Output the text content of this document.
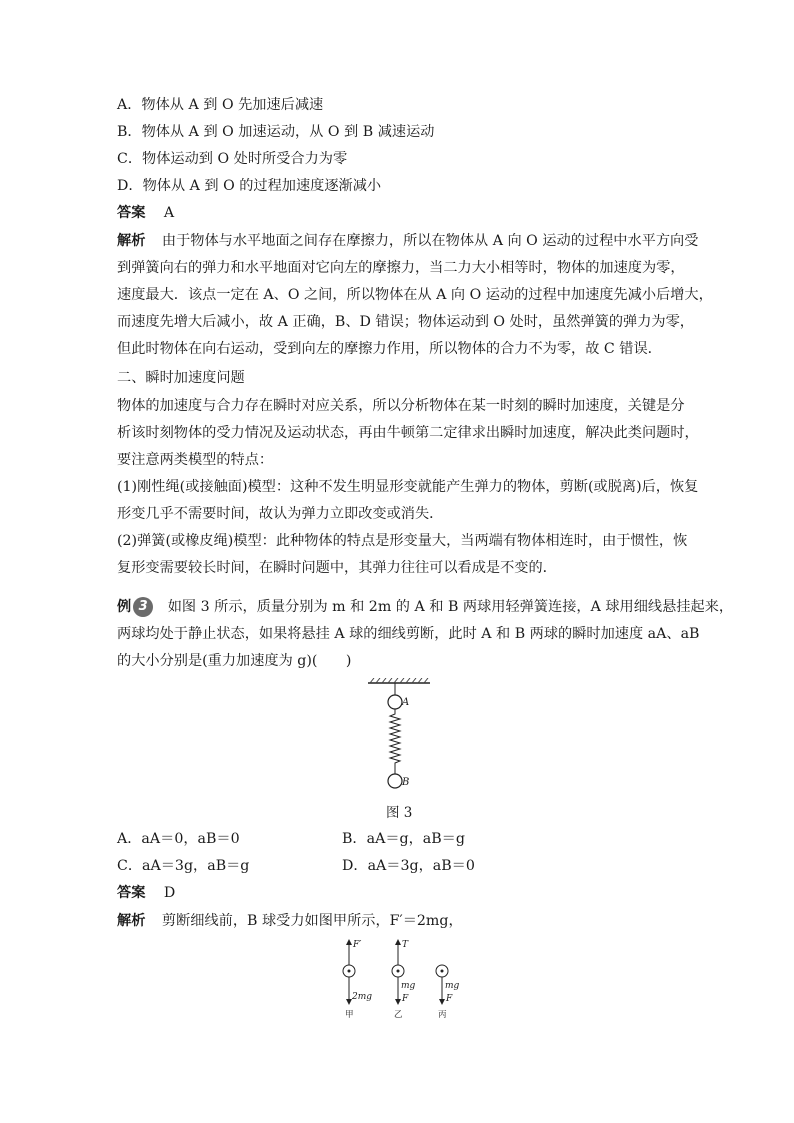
A．物体从 A 到 O 先加速后减速
B．物体从 A 到 O 加速运动，从 O 到 B 减速运动
C．物体运动到 O 处时所受合力为零
D．物体从 A 到 O 的过程加速度逐渐减小
答案 A
解析 由于物体与水平地面之间存在摩擦力，所以在物体从 A 向 O 运动的过程中水平方向受
到弹簧向右的弹力和水平地面对它向左的摩擦力，当二力大小相等时，物体的加速度为零，
速度最大．该点一定在 A、O 之间，所以物体在从 A 向 O 运动的过程中加速度先减小后增大，
而速度先增大后减小，故 A 正确，B、D 错误；物体运动到 O 处时，虽然弹簧的弹力为零，
但此时物体在向右运动，受到向左的摩擦力作用，所以物体的合力不为零，故 C 错误．
二、瞬时加速度问题
物体的加速度与合力存在瞬时对应关系，所以分析物体在某一时刻的瞬时加速度，关键是分
析该时刻物体的受力情况及运动状态，再由牛顿第二定律求出瞬时加速度，解决此类问题时，
要注意两类模型的特点：
(1)刚性绳(或接触面)模型：这种不发生明显形变就能产生弹力的物体，剪断(或脱离)后，恢复
形变几乎不需要时间，故认为弹力立即改变或消失．
(2)弹簧(或橡皮绳)模型：此种物体的特点是形变量大，当两端有物体相连时，由于惯性，恢
复形变需要较长时间，在瞬时问题中，其弹力往往可以看成是不变的．
例 3 如图 3 所示，质量分别为 m 和 2m 的 A 和 B 两球用轻弹簧连接，A 球用细线悬挂起来，
两球均处于静止状态，如果将悬挂 A 球的细线剪断，此时 A 和 B 两球的瞬时加速度 aA、aB
的大小分别是(重力加速度为 g)(　　)
A
B
图 3
A．aA＝0，aB＝0	B．aA＝g，aB＝g
C．aA＝3g，aB＝g	D．aA＝3g，aB＝0
答案 D
解析 剪断细线前，B 球受力如图甲所示，F′＝2mg，
F′
2mg
甲
T
mg
F
乙
mg
F
丙
